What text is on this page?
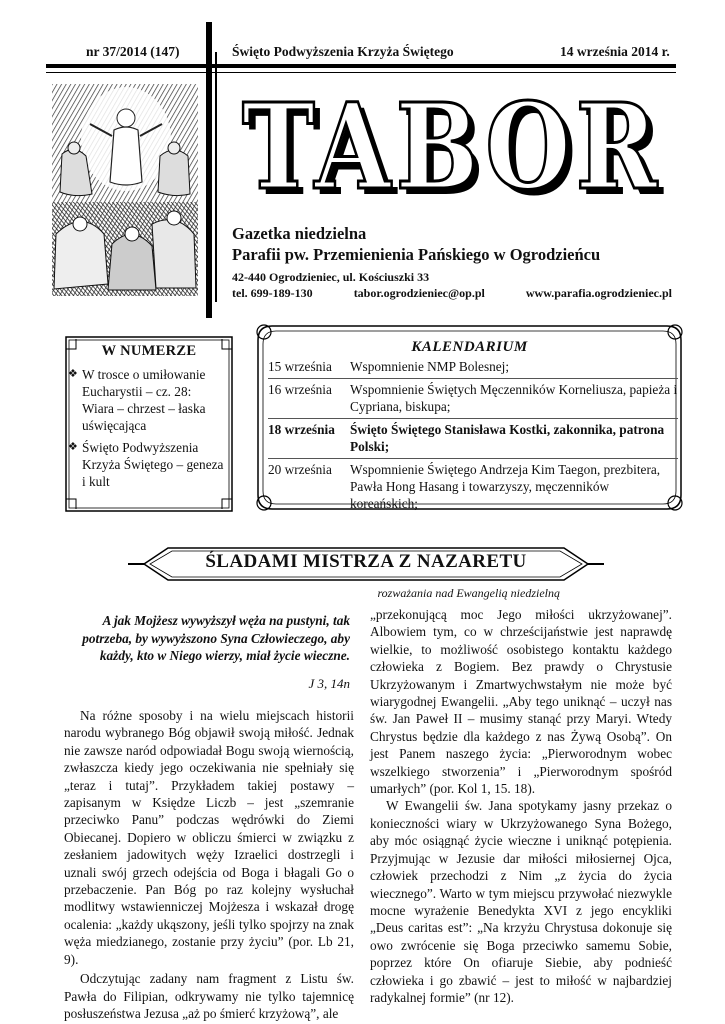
nr 37/2014 (147)	Święto Podwyższenia Krzyża Świętego	14 września 2014 r.
TABOR
TABOR
Gazetka niedzielna
Parafii pw. Przemienienia Pańskiego w Ogrodzieńcu
42-440 Ogrodzieniec, ul. Kościuszki 33
tel. 699-189-130	tabor.ogrodzieniec@op.pl	www.parafia.ogrodzieniec.pl
W NUMERZE
❖ W trosce o umiłowanie Eucharystii – cz. 28: Wiara – chrzest – łaska uświęcająca
❖ Święto Podwyższenia Krzyża Świętego – geneza i kult
KALENDARIUM
15 września	Wspomnienie NMP Bolesnej;
16 września	Wspomnienie Świętych Męczenników Korneliusza, papieża i Cypriana, biskupa;
18 września	Święto Świętego Stanisława Kostki, zakonnika, patrona Polski;
20 września	Wspomnienie Świętego Andrzeja Kim Taegon, prezbitera, Pawła Hong Hasang i towarzyszy, męczenników koreańskich;
ŚLADAMI MISTRZA Z NAZARETU
rozważania nad Ewangelią niedzielną
A jak Mojżesz wywyższył węża na pustyni, tak potrzeba, by wywyższono Syna Człowieczego, aby każdy, kto w Niego wierzy, miał życie wieczne.
J 3, 14n

Na różne sposoby i na wielu miejscach historii narodu wybranego Bóg objawił swoją miłość. Jednak nie zawsze naród odpowiadał Bogu swoją wiernością, zwłaszcza kiedy jego oczekiwania nie spełniały się „teraz i tutaj”. Przykładem takiej postawy – zapisanym w Księdze Liczb – jest „szemranie przeciwko Panu” podczas wędrówki do Ziemi Obiecanej. Dopiero w obliczu śmierci w związku z zesłaniem jadowitych węży Izraelici dostrzegli i uznali swój grzech odejścia od Boga i błagali Go o przebaczenie. Pan Bóg po raz kolejny wysłuchał modlitwy wstawienniczej Mojżesza i wskazał drogę ocalenia: „każdy ukąszony, jeśli tylko spojrzy na znak węża miedzianego, zostanie przy życiu” (por. Lb 21, 9).

Odczytując zadany nam fragment z Listu św. Pawła do Filipian, odkrywamy nie tylko tajemnicę posłuszeństwa Jezusa „aż po śmierć krzyżową”, ale

„przekonującą moc Jego miłości ukrzyżowanej”. Albowiem tym, co w chrześcijaństwie jest naprawdę wielkie, to możliwość osobistego kontaktu każdego człowieka z Bogiem. Bez prawdy o Chrystusie Ukrzyżowanym i Zmartwychwstałym nie może być wiarygodnej Ewangelii. „Aby tego uniknąć – uczył nas św. Jan Paweł II – musimy stanąć przy Maryi. Wtedy Chrystus będzie dla każdego z nas Żywą Osobą”. On jest Panem naszego życia: „Pierworodnym wobec wszelkiego stworzenia” i „Pierworodnym spośród umarłych” (por. Kol 1, 15. 18).

W Ewangelii św. Jana spotykamy jasny przekaz o konieczności wiary w Ukrzyżowanego Syna Bożego, aby móc osiągnąć życie wieczne i uniknąć potępienia. Przyjmując w Jezusie dar miłości miłosiernej Ojca, człowiek przechodzi z Nim „z życia do życia wiecznego”. Warto w tym miejscu przywołać niezwykle mocne wyrażenie Benedykta XVI z jego encykliki „Deus caritas est”: „Na krzyżu Chrystusa dokonuje się owo zwrócenie się Boga przeciwko samemu Sobie, poprzez które On ofiaruje Siebie, aby podnieść człowieka i go zbawić – jest to miłość w najbardziej radykalnej formie” (nr 12).
